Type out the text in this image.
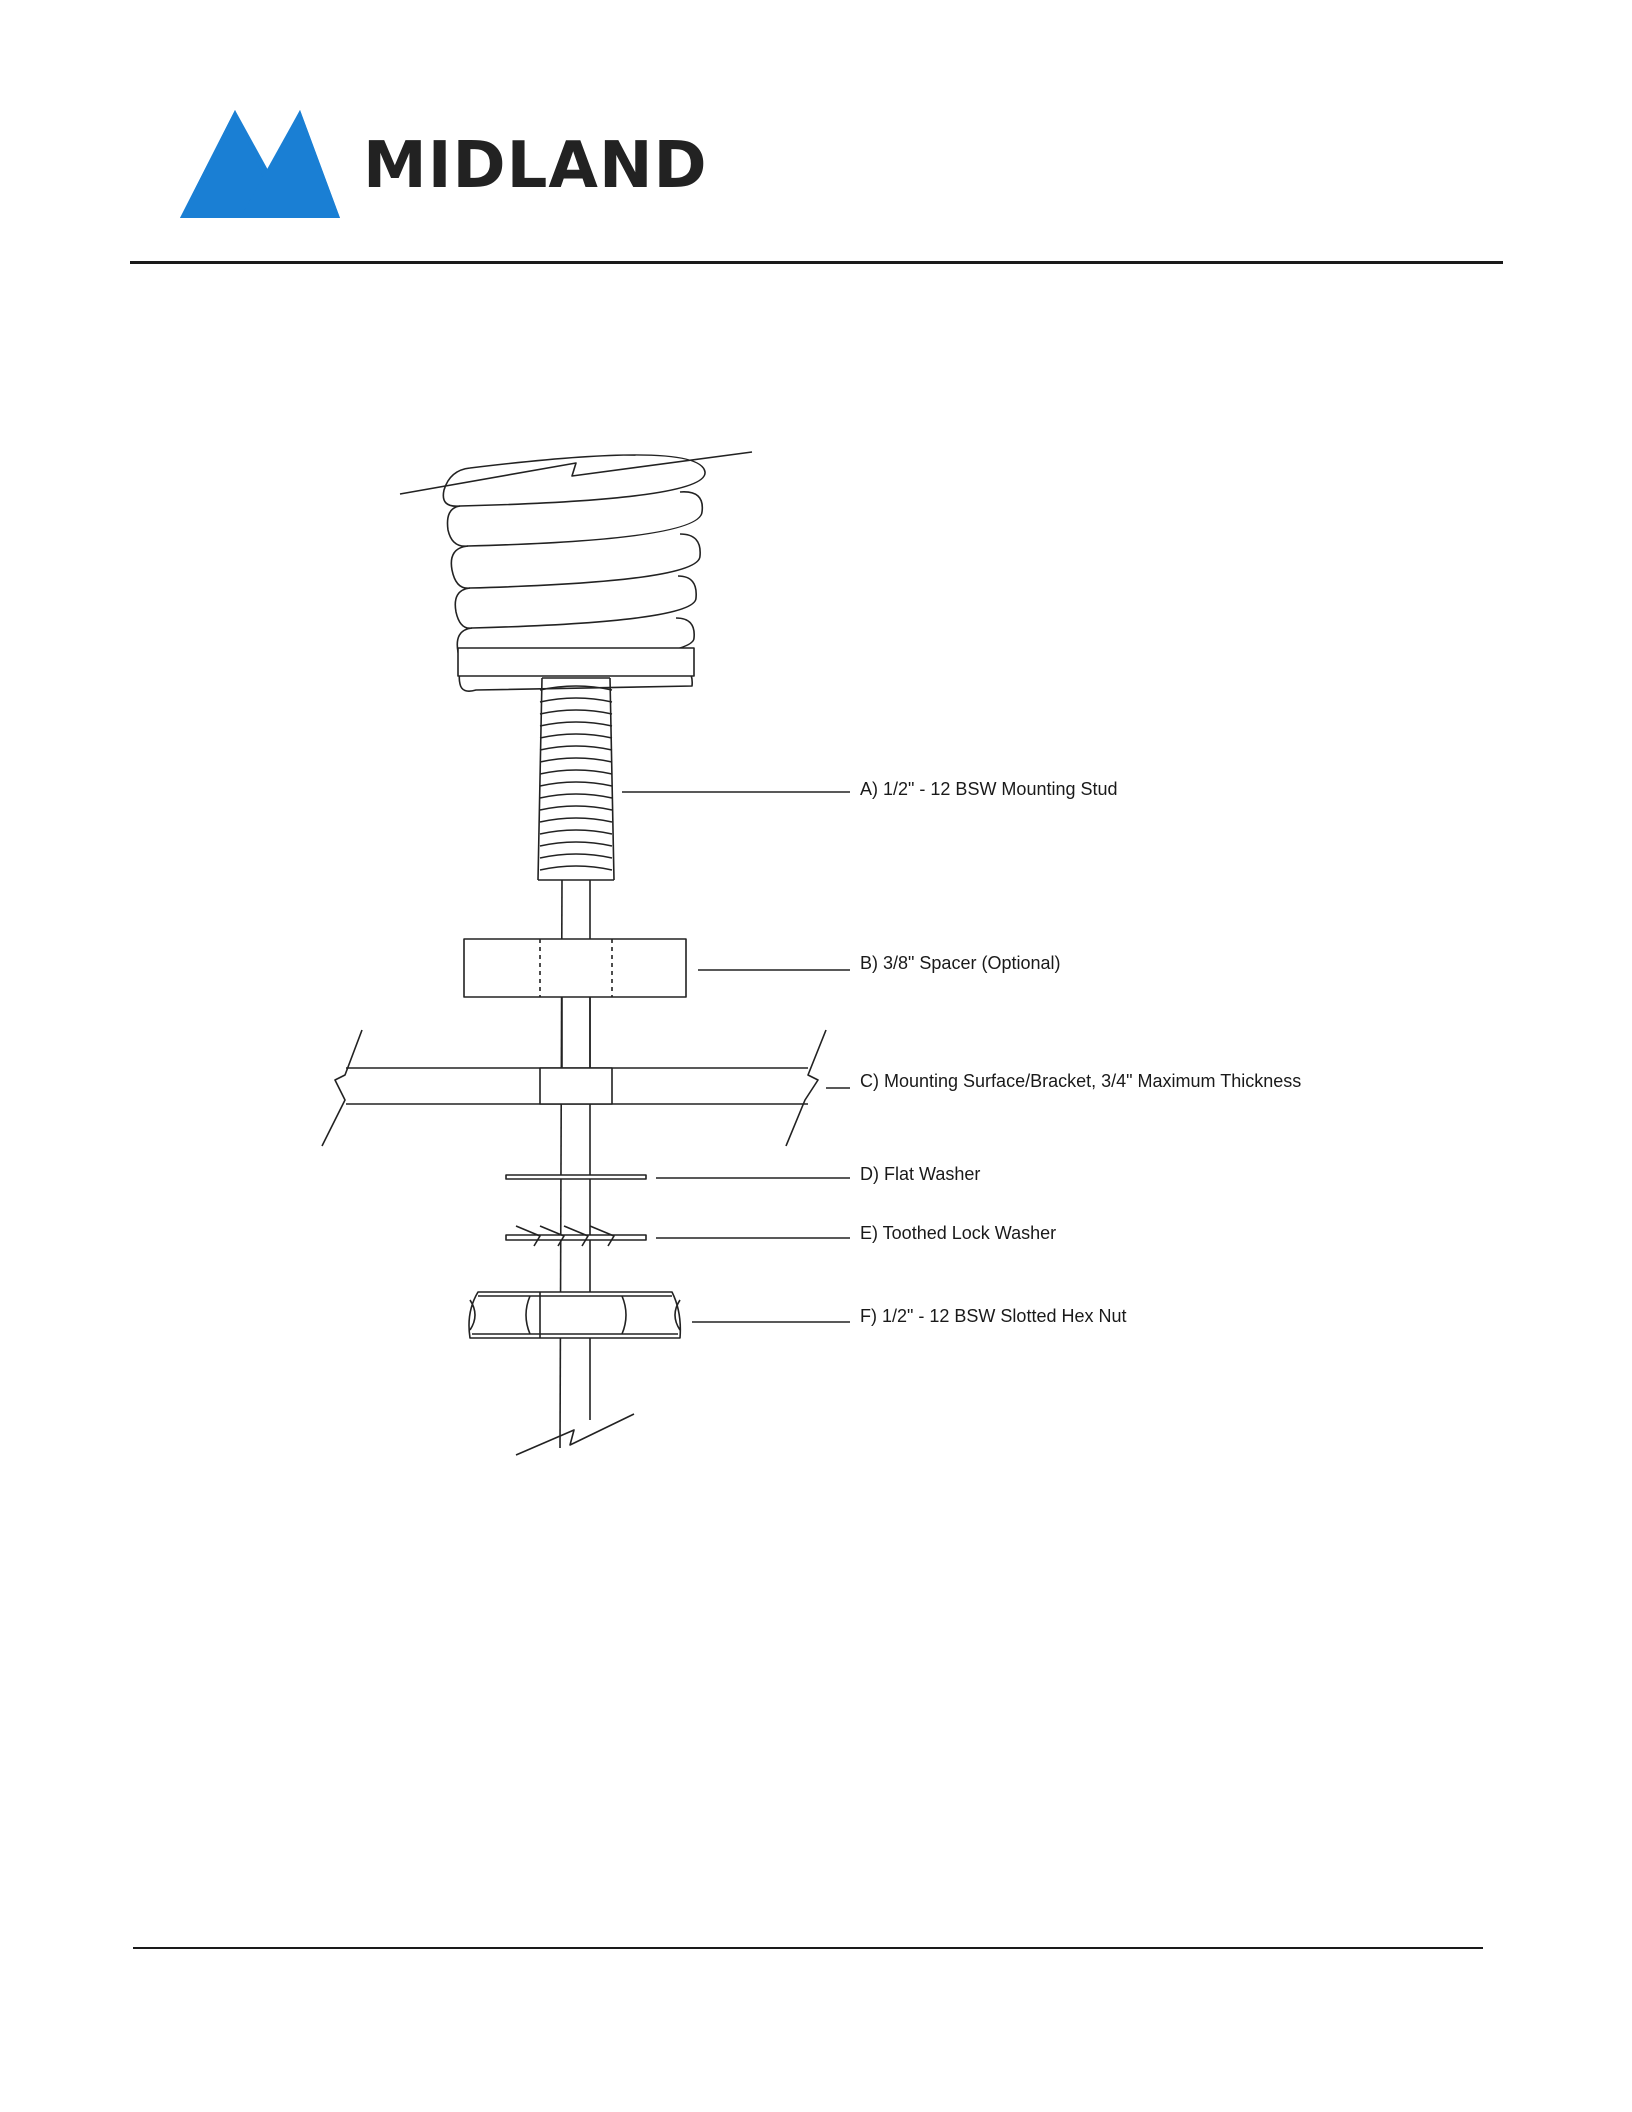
MIDLAND
A) 1/2" - 12 BSW Mounting Stud
B) 3/8" Spacer (Optional)
C) Mounting Surface/Bracket, 3/4" Maximum Thickness
D) Flat Washer
E) Toothed Lock Washer
F) 1/2" - 12 BSW Slotted Hex Nut
